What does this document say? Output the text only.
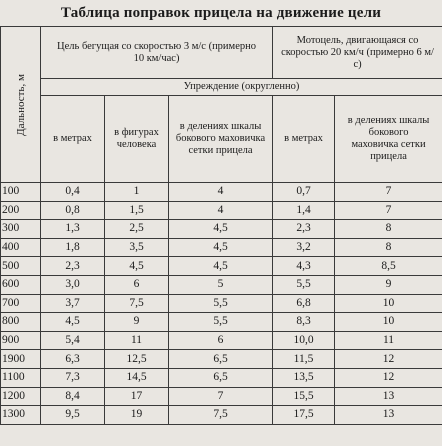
Таблица поправок прицела на движение цели
Дальность, м	Цель бегущая со скоростью 3 м/с (примерно 10 км/час)			Мотоцель, двигающаяся со скоростью 20 км/ч (примерно 6 м/с)	
	Упреждение (округленно)				
	в метрах	в фигурах человека	в делениях шкалы бокового маховичка сетки прицела	в метрах	в делениях шкалы бокового маховичка сетки прицела
100	0,4	1	4	0,7	7
200	0,8	1,5	4	1,4	7
300	1,3	2,5	4,5	2,3	8
400	1,8	3,5	4,5	3,2	8
500	2,3	4,5	4,5	4,3	8,5
600	3,0	6	5	5,5	9
700	3,7	7,5	5,5	6,8	10
800	4,5	9	5,5	8,3	10
900	5,4	11	6	10,0	11
1900	6,3	12,5	6,5	11,5	12
1100	7,3	14,5	6,5	13,5	12
1200	8,4	17	7	15,5	13
1300	9,5	19	7,5	17,5	13
